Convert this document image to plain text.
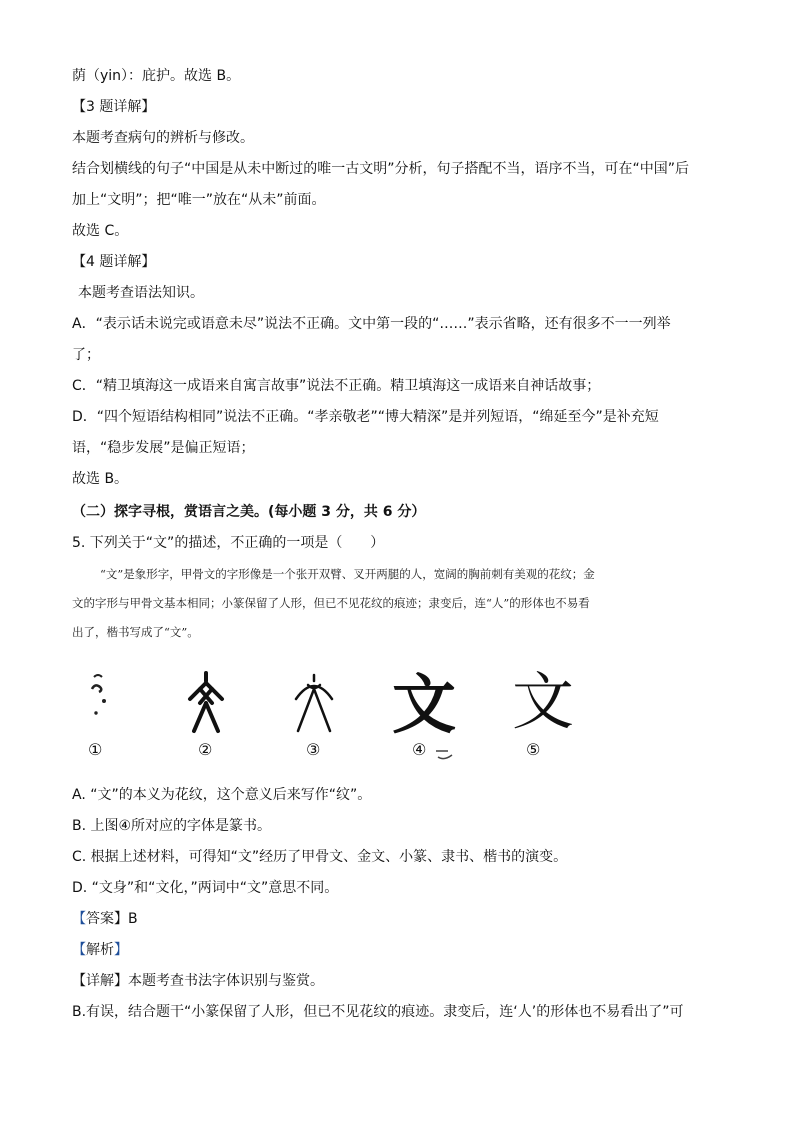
荫（yin）：庇护。故选 B。
【3 题详解】
本题考查病句的辨析与修改。
结合划横线的句子“中国是从未中断过的唯一古文明”分析，句子搭配不当，语序不当，可在“中国”后
加上“文明”；把“唯一”放在“从未”前面。
故选 C。
【4 题详解】
本题考查语法知识。
A．“表示话未说完或语意未尽”说法不正确。文中第一段的“……”表示省略，还有很多不一一列举
了；
C．“精卫填海这一成语来自寓言故事”说法不正确。精卫填海这一成语来自神话故事；
D．“四个短语结构相同”说法不正确。“孝亲敬老”“博大精深”是并列短语，“绵延至今”是补充短
语，“稳步发展”是偏正短语；
故选 B。
（二）探字寻根，赏语言之美。(每小题 3 分，共 6 分）
5. 下列关于“文”的描述，不正确的一项是（　　）
“文”是象形字，甲骨文的字形像是一个张开双臂、叉开两腿的人，宽阔的胸前刺有美观的花纹；金
文的字形与甲骨文基本相同；小篆保留了人形，但已不见花纹的痕迹；隶变后，连“人”的形体也不易看
出了，楷书写成了“文”。
文 文
①	②	③	④	⑤
A. “文”的本义为花纹，这个意义后来写作“纹”。
B. 上图④所对应的字体是篆书。
C. 根据上述材料，可得知“文”经历了甲骨文、金文、小篆、隶书、楷书的演变。
D. “文身”和“文化，”两词中“文”意思不同。
【答案】B
【解析】
【详解】本题考查书法字体识别与鉴赏。
B.有误，结合题干“小篆保留了人形，但已不见花纹的痕迹。隶变后，连‘人’的形体也不易看出了”可
